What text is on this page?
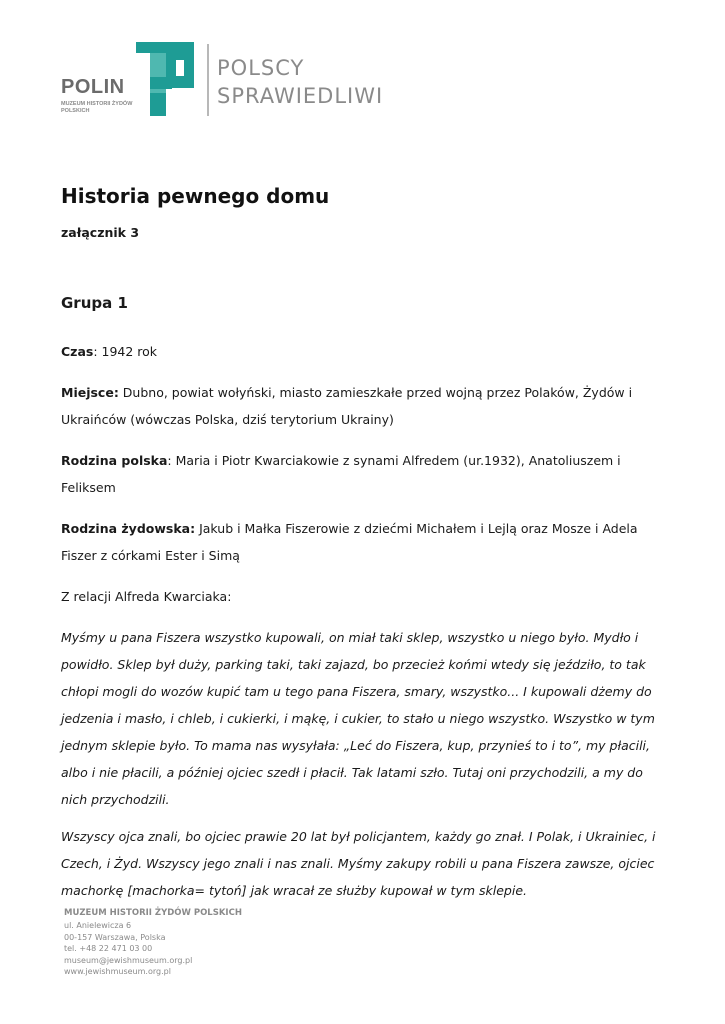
POLIN
MUZEUM HISTORII ŻYDÓW POLSKICH
POLSCY
SPRAWIEDLIWI
Historia pewnego domu
załącznik 3
Grupa 1

Czas: 1942 rok

Miejsce: Dubno, powiat wołyński, miasto zamieszkałe przed wojną przez Polaków, Żydów i Ukraińców (wówczas Polska, dziś terytorium Ukrainy)

Rodzina polska: Maria i Piotr Kwarciakowie z synami Alfredem (ur.1932), Anatoliuszem i Feliksem

Rodzina żydowska: Jakub i Małka Fiszerowie z dziećmi Michałem i Lejlą oraz Mosze i Adela Fiszer z córkami Ester i Simą

Z relacji Alfreda Kwarciaka:

Myśmy u pana Fiszera wszystko kupowali, on miał taki sklep, wszystko u niego było. Mydło i powidło. Sklep był duży, parking taki, taki zajazd, bo przecież końmi wtedy się jeździło, to tak chłopi mogli do wozów kupić tam u tego pana Fiszera, smary, wszystko... I kupowali dżemy do jedzenia i masło, i chleb, i cukierki, i mąkę, i cukier, to stało u niego wszystko. Wszystko w tym jednym sklepie było. To mama nas wysyłała: „Leć do Fiszera, kup, przynieś to i to”, my płacili, albo i nie płacili, a później ojciec szedł i płacił. Tak latami szło. Tutaj oni przychodzili, a my do nich przychodzili.

Wszyscy ojca znali, bo ojciec prawie 20 lat był policjantem, każdy go znał. I Polak, i Ukrainiec, i Czech, i Żyd. Wszyscy jego znali i nas znali. Myśmy zakupy robili u pana Fiszera zawsze, ojciec machorkę [machorka= tytoń] jak wracał ze służby kupował w tym sklepie.

MUZEUM HISTORII ŻYDÓW POLSKICH
ul. Anielewicza 6
00-157 Warszawa, Polska
tel. +48 22 471 03 00
museum@jewishmuseum.org.pl
www.jewishmuseum.org.pl
